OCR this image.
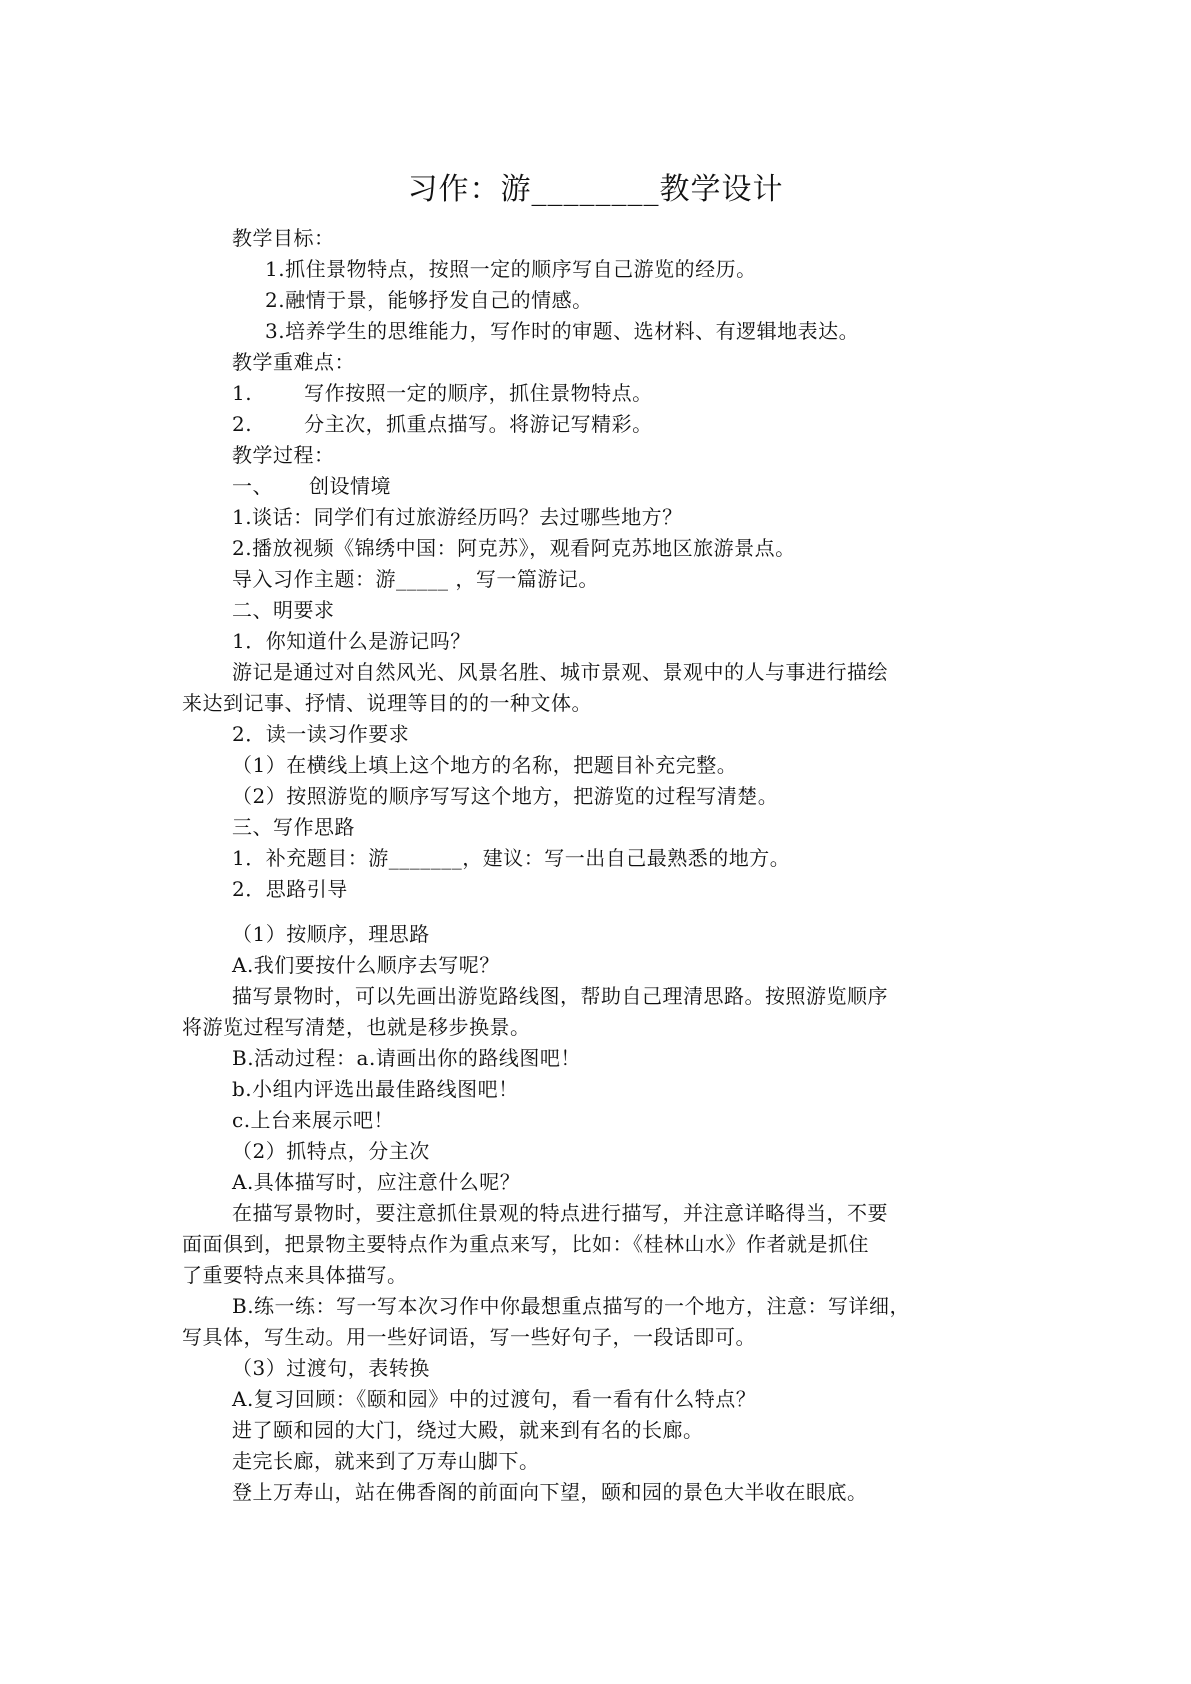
习作：游________教学设计
教学目标：
1.抓住景物特点，按照一定的顺序写自己游览的经历。
2.融情于景，能够抒发自己的情感。
3.培养学生的思维能力，写作时的审题、选材料、有逻辑地表达。
教学重难点：
1.	写作按照一定的顺序，抓住景物特点。
2.	分主次，抓重点描写。将游记写精彩。
教学过程：
一、 创设情境
1.谈话：同学们有过旅游经历吗？去过哪些地方？
2.播放视频《锦绣中国：阿克苏》，观看阿克苏地区旅游景点。
导入习作主题：游_____ ，写一篇游记。
二、明要求
1．你知道什么是游记吗？
游记是通过对自然风光、风景名胜、城市景观、景观中的人与事进行描绘
来达到记事、抒情、说理等目的的一种文体。
2．读一读习作要求
（1）在横线上填上这个地方的名称，把题目补充完整。
（2）按照游览的顺序写写这个地方，把游览的过程写清楚。
三、写作思路
1．补充题目：游_______，建议：写一出自己最熟悉的地方。
2．思路引导
（1）按顺序，理思路
A.我们要按什么顺序去写呢？
描写景物时，可以先画出游览路线图，帮助自己理清思路。按照游览顺序
将游览过程写清楚，也就是移步换景。
B.活动过程：a.请画出你的路线图吧！
b.小组内评选出最佳路线图吧！
c.上台来展示吧！
（2）抓特点，分主次
A.具体描写时，应注意什么呢？
在描写景物时，要注意抓住景观的特点进行描写，并注意详略得当，不要
面面俱到，把景物主要特点作为重点来写，比如：《桂林山水》作者就是抓住
了重要特点来具体描写。
B.练一练：写一写本次习作中你最想重点描写的一个地方，注意：写详细，
写具体，写生动。用一些好词语，写一些好句子，一段话即可。
（3）过渡句，表转换
A.复习回顾：《颐和园》中的过渡句，看一看有什么特点？
进了颐和园的大门，绕过大殿，就来到有名的长廊。
走完长廊，就来到了万寿山脚下。
登上万寿山，站在佛香阁的前面向下望，颐和园的景色大半收在眼底。
